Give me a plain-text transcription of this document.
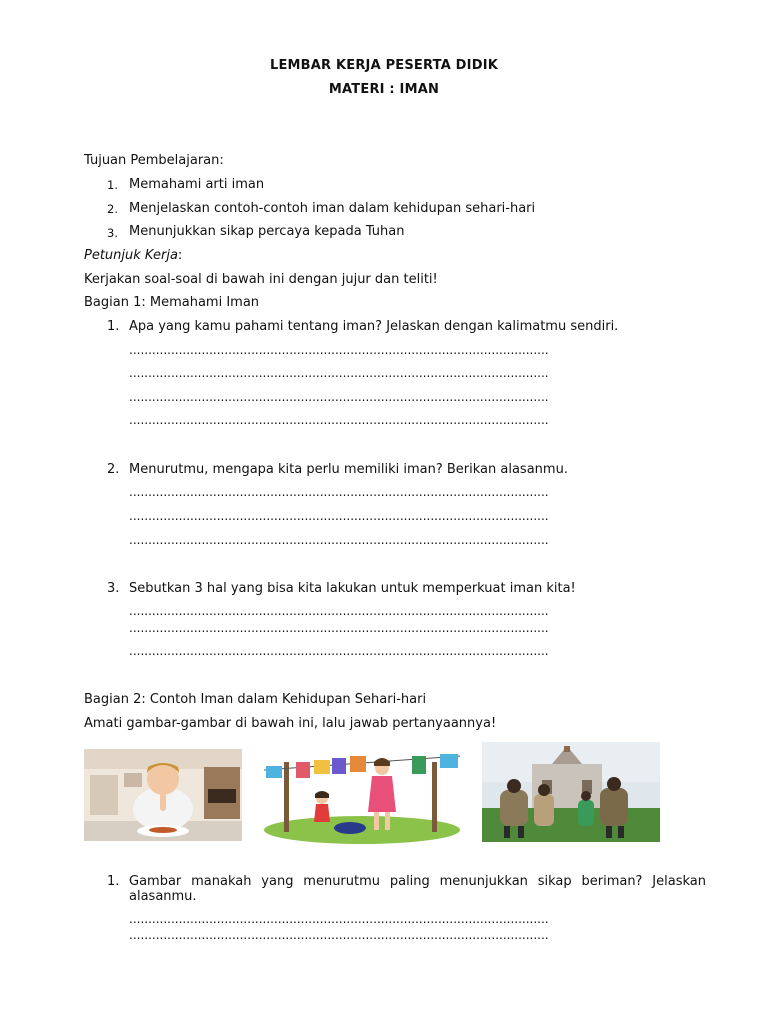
LEMBAR KERJA PESERTA DIDIK
MATERI : IMAN
Tujuan Pembelajaran:
1. Memahami arti iman
2. Menjelaskan contoh-contoh iman dalam kehidupan sehari-hari
3. Menunjukkan sikap percaya kepada Tuhan
Petunjuk Kerja:
Kerjakan soal-soal di bawah ini dengan jujur dan teliti!
Bagian 1: Memahami Iman
1. Apa yang kamu pahami tentang iman? Jelaskan dengan kalimatmu sendiri.
..............................................................................................................
..............................................................................................................
..............................................................................................................
..............................................................................................................
2. Menurutmu, mengapa kita perlu memiliki iman? Berikan alasanmu.
..............................................................................................................
..............................................................................................................
..............................................................................................................
3. Sebutkan 3 hal yang bisa kita lakukan untuk memperkuat iman kita!
..............................................................................................................
..............................................................................................................
..............................................................................................................
Bagian 2: Contoh Iman dalam Kehidupan Sehari-hari
Amati gambar-gambar di bawah ini, lalu jawab pertanyaannya!
1. Gambar manakah yang menurutmu paling menunjukkan sikap beriman? Jelaskan
alasanmu.
..............................................................................................................
..............................................................................................................
